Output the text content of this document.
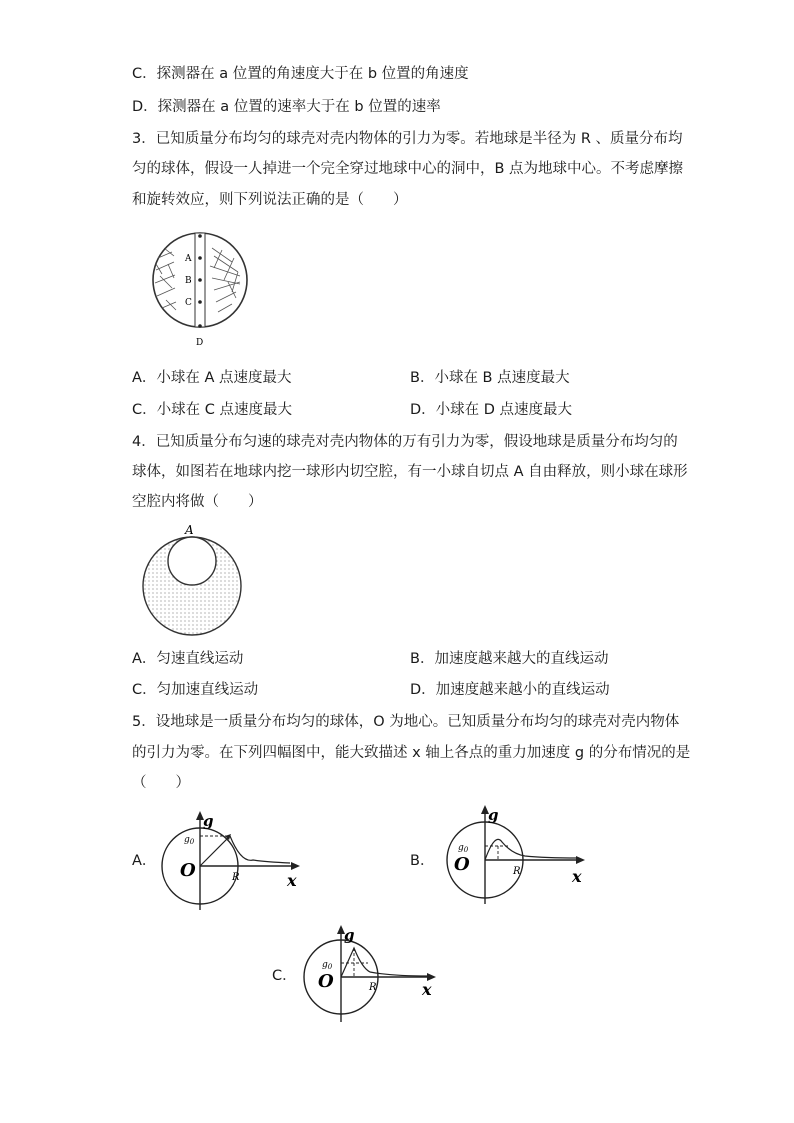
C．探测器在 a 位置的角速度大于在 b 位置的角速度
D．探测器在 a 位置的速率大于在 b 位置的速率
3．已知质量分布均匀的球壳对壳内物体的引力为零。若地球是半径为 R 、质量分布均
匀的球体，假设一人掉进一个完全穿过地球中心的洞中，B 点为地球中心。不考虑摩擦
和旋转效应，则下列说法正确的是（　　）
A
B
C
D
A．小球在 A 点速度最大	B．小球在 B 点速度最大
C．小球在 C 点速度最大	D．小球在 D 点速度最大
4．已知质量分布匀速的球壳对壳内物体的万有引力为零，假设地球是质量分布均匀的
球体，如图若在地球内挖一球形内切空腔，有一小球自切点 A 自由释放，则小球在球形
空腔内将做（　　）
A
A．匀速直线运动	B．加速度越来越大的直线运动
C．匀加速直线运动	D．加速度越来越小的直线运动
5．设地球是一质量分布均匀的球体，O 为地心。已知质量分布均匀的球壳对壳内物体
的引力为零。在下列四幅图中，能大致描述 x 轴上各点的重力加速度 g 的分布情况的是
（　　）
A．
g
$g_0$
O	R	x
B．
g
$g_0$
O	R	x
C．
g
$g_0$
O	R	x
